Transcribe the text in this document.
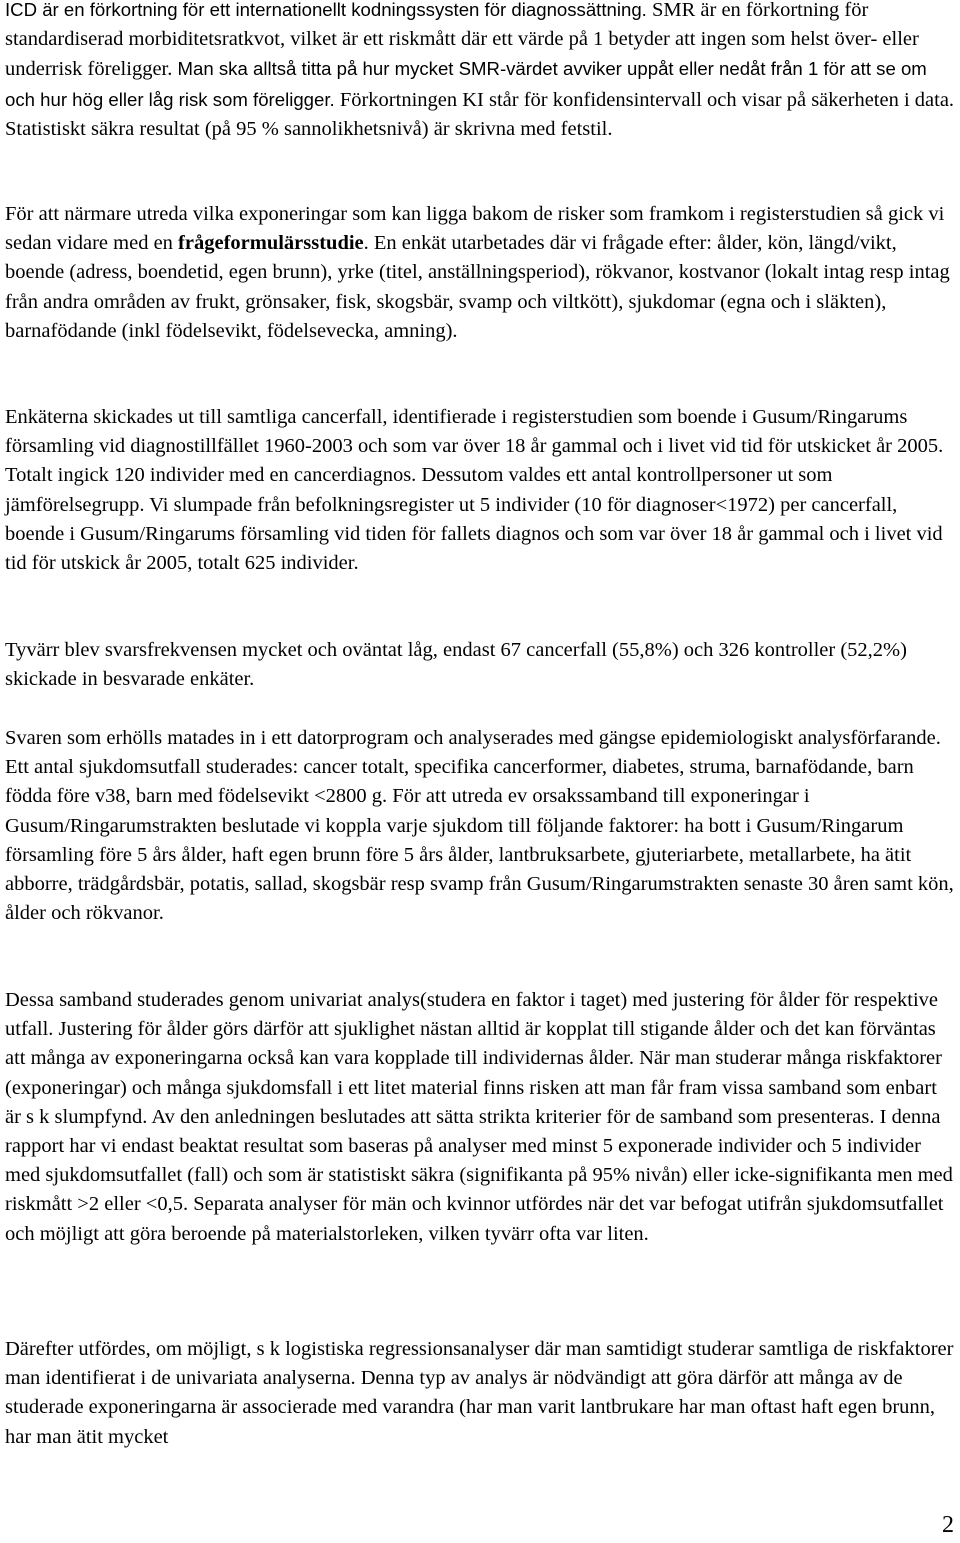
ICD är en förkortning för ett internationellt kodningssysten för diagnossättning. SMR är en förkortning för standardiserad morbiditetsratkvot, vilket är ett riskmått där ett värde på 1 betyder att ingen som helst över- eller underrisk föreligger. Man ska alltså titta på hur mycket SMR-värdet avviker uppåt eller nedåt från 1 för att se om och hur hög eller låg risk som föreligger. Förkortningen KI står för konfidensintervall och visar på säkerheten i data. Statistiskt säkra resultat (på 95 % sannolikhetsnivå) är skrivna med fetstil.

För att närmare utreda vilka exponeringar som kan ligga bakom de risker som framkom i registerstudien så gick vi sedan vidare med en frågeformulärsstudie. En enkät utarbetades där vi frågade efter: ålder, kön, längd/vikt, boende (adress, boendetid, egen brunn), yrke (titel, anställningsperiod), rökvanor, kostvanor (lokalt intag resp intag från andra områden av frukt, grönsaker, fisk, skogsbär, svamp och viltkött), sjukdomar (egna och i släkten), barnafödande (inkl födelsevikt, födelsevecka, amning).

Enkäterna skickades ut till samtliga cancerfall, identifierade i registerstudien som boende i Gusum/Ringarums församling vid diagnostillfället 1960-2003 och som var över 18 år gammal och i livet vid tid för utskicket år 2005. Totalt ingick 120 individer med en cancerdiagnos. Dessutom valdes ett antal kontrollpersoner ut som jämförelsegrupp. Vi slumpade från befolkningsregister ut 5 individer (10 för diagnoser<1972) per cancerfall, boende i Gusum/Ringarums församling vid tiden för fallets diagnos och som var över 18 år gammal och i livet vid tid för utskick år 2005, totalt 625 individer.

Tyvärr blev svarsfrekvensen mycket och oväntat låg, endast 67 cancerfall (55,8%) och 326 kontroller (52,2%) skickade in besvarade enkäter.

Svaren som erhölls matades in i ett datorprogram och analyserades med gängse epidemiologiskt analysförfarande. Ett antal sjukdomsutfall studerades: cancer totalt, specifika cancerformer, diabetes, struma, barnafödande, barn födda före v38, barn med födelsevikt <2800 g. För att utreda ev orsakssamband till exponeringar i Gusum/Ringarumstrakten beslutade vi koppla varje sjukdom till följande faktorer: ha bott i Gusum/Ringarum församling före 5 års ålder, haft egen brunn före 5 års ålder, lantbruksarbete, gjuteriarbete, metallarbete, ha ätit abborre, trädgårdsbär, potatis, sallad, skogsbär resp svamp från Gusum/Ringarumstrakten senaste 30 åren samt kön, ålder och rökvanor.

Dessa samband studerades genom univariat analys(studera en faktor i taget) med justering för ålder för respektive utfall. Justering för ålder görs därför att sjuklighet nästan alltid är kopplat till stigande ålder och det kan förväntas att många av exponeringarna också kan vara kopplade till individernas ålder. När man studerar många riskfaktorer (exponeringar) och många sjukdomsfall i ett litet material finns risken att man får fram vissa samband som enbart är s k slumpfynd. Av den anledningen beslutades att sätta strikta kriterier för de samband som presenteras. I denna rapport har vi endast beaktat resultat som baseras på analyser med minst 5 exponerade individer och 5 individer med sjukdomsutfallet (fall) och som är statistiskt säkra (signifikanta på 95% nivån) eller icke-signifikanta men med riskmått >2 eller <0,5. Separata analyser för män och kvinnor utfördes när det var befogat utifrån sjukdomsutfallet och möjligt att göra beroende på materialstorleken, vilken tyvärr ofta var liten.

Därefter utfördes, om möjligt, s k logistiska regressionsanalyser där man samtidigt studerar samtliga de riskfaktorer man identifierat i de univariata analyserna. Denna typ av analys är nödvändigt att göra därför att många av de studerade exponeringarna är associerade med varandra (har man varit lantbrukare har man oftast haft egen brunn, har man ätit mycket

2
